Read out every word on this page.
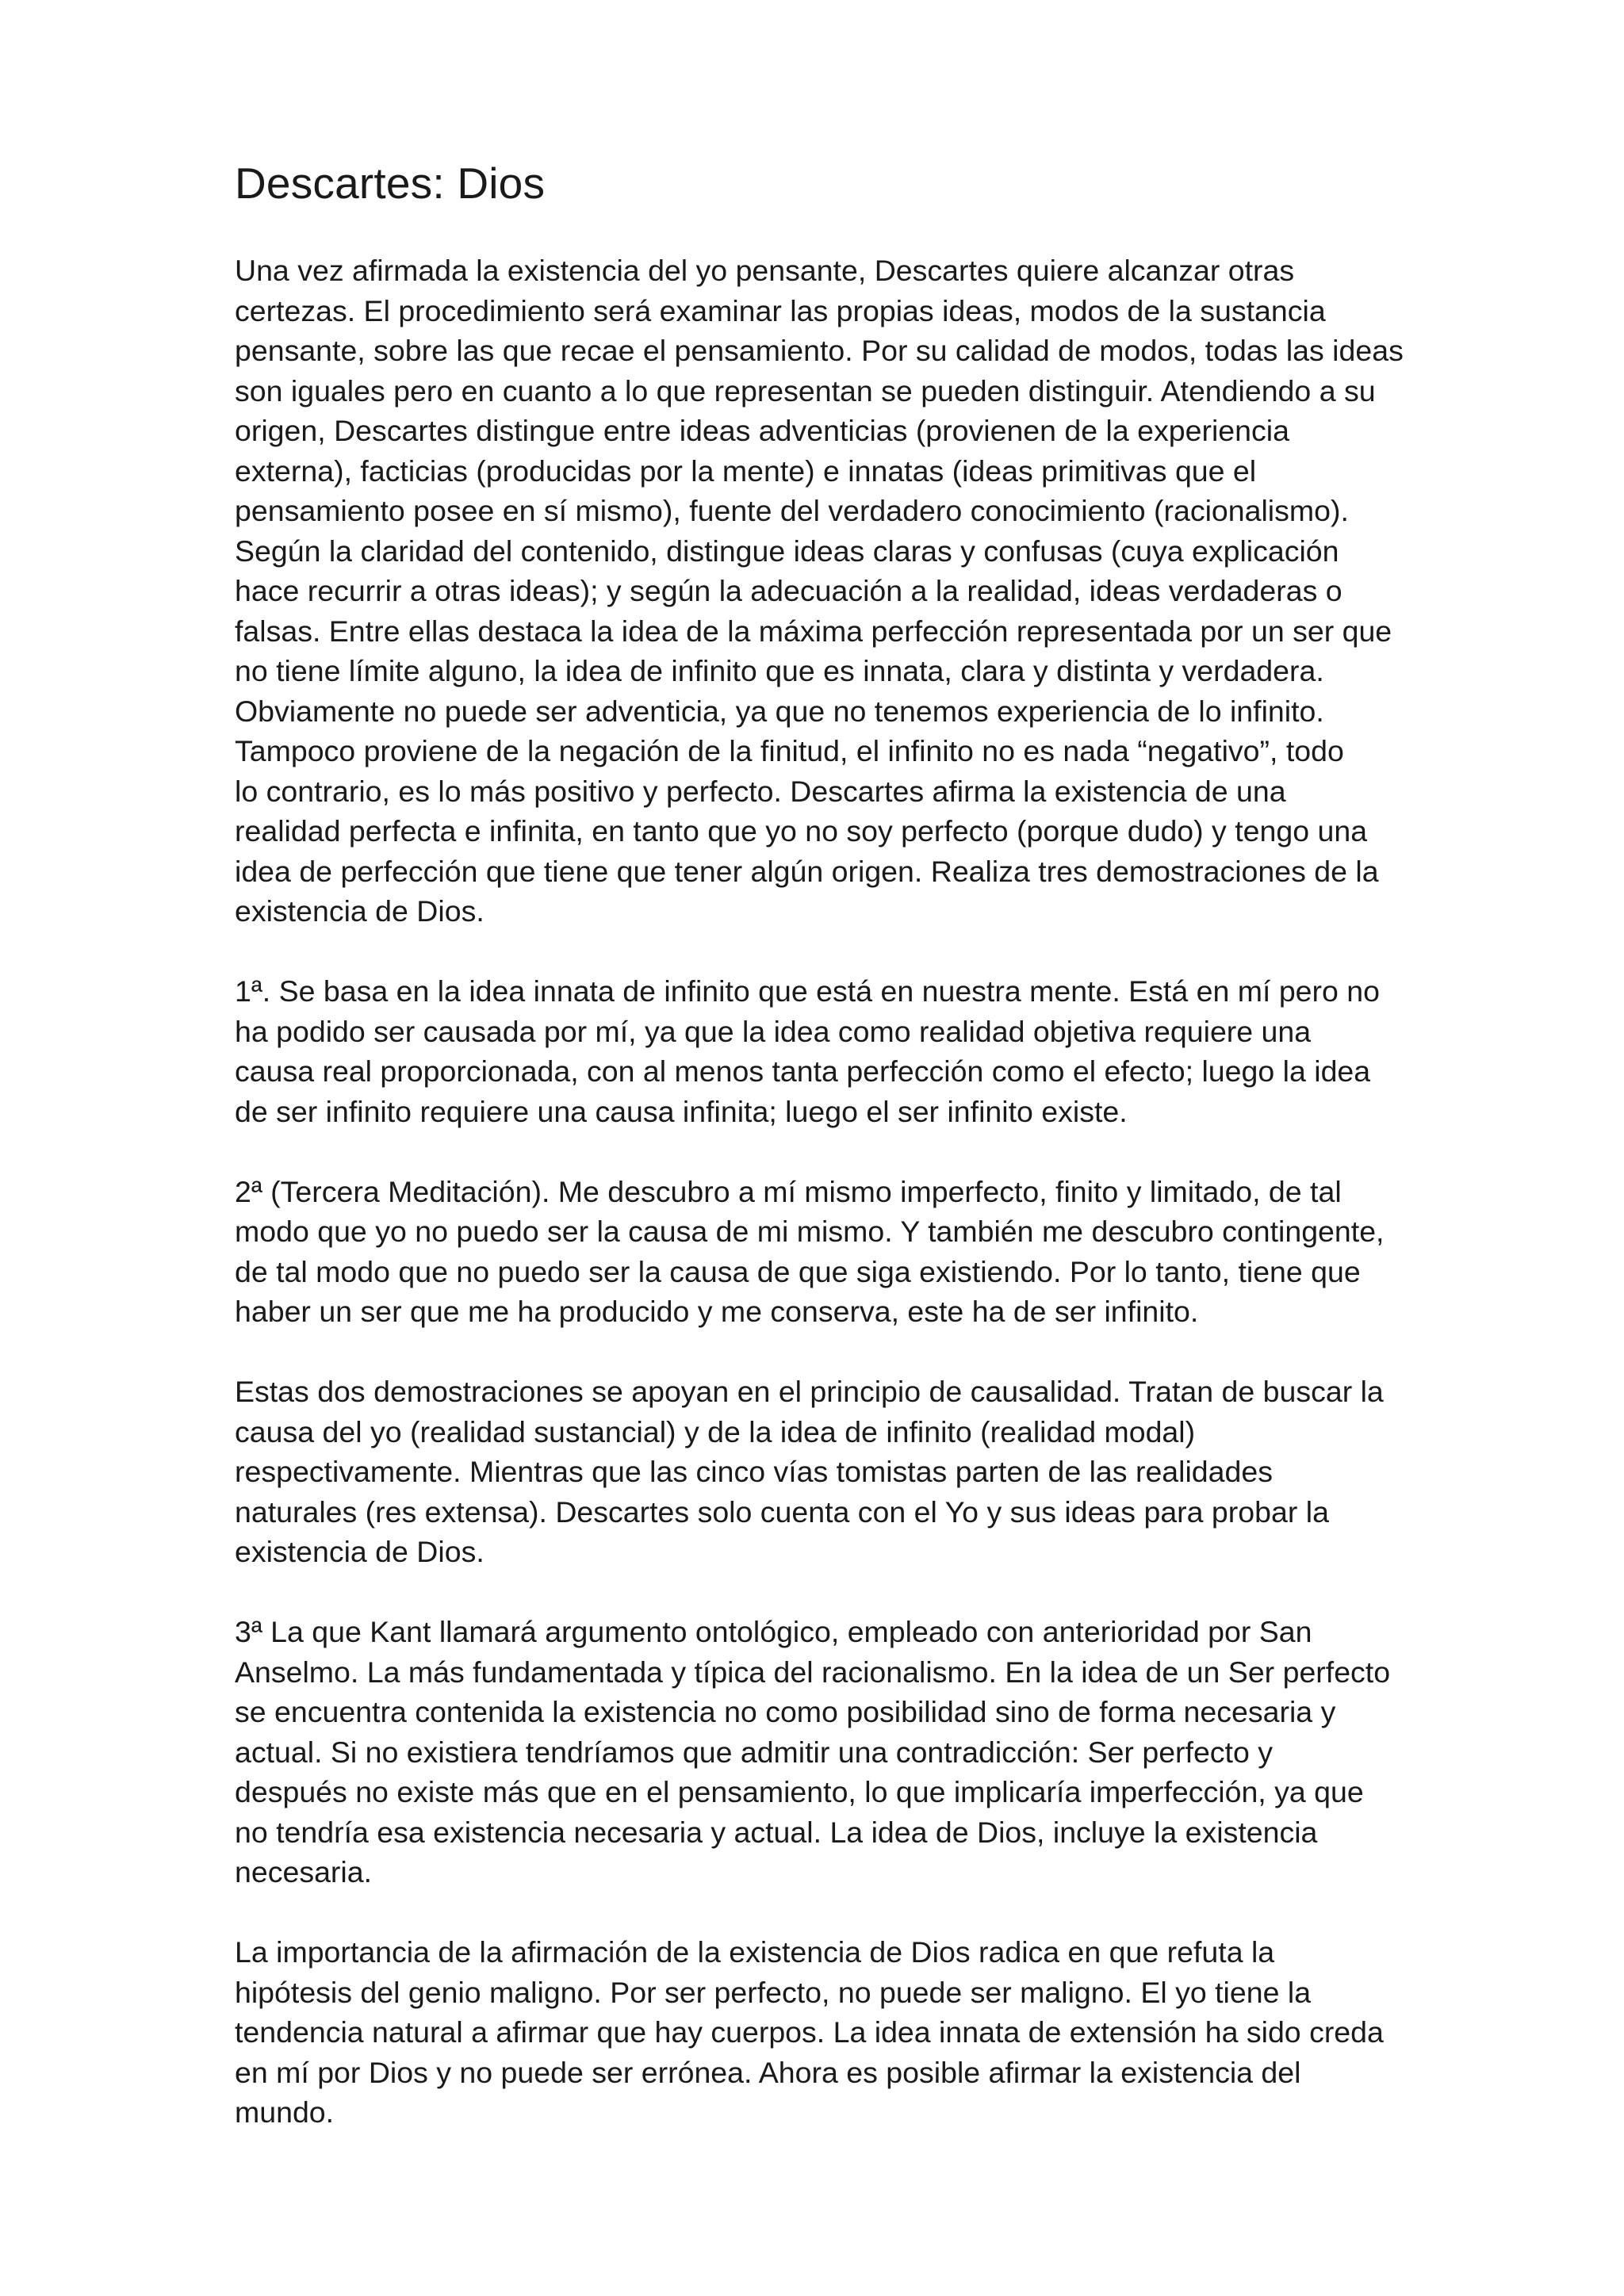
Descartes: Dios

Una vez afirmada la existencia del yo pensante, Descartes quiere alcanzar otras
certezas. El procedimiento será examinar las propias ideas, modos de la sustancia
pensante, sobre las que recae el pensamiento. Por su calidad de modos, todas las ideas
son iguales pero en cuanto a lo que representan se pueden distinguir. Atendiendo a su
origen, Descartes distingue entre ideas adventicias (provienen de la experiencia
externa), facticias (producidas por la mente) e innatas (ideas primitivas que el
pensamiento posee en sí mismo), fuente del verdadero conocimiento (racionalismo).
Según la claridad del contenido, distingue ideas claras y confusas (cuya explicación
hace recurrir a otras ideas); y según la adecuación a la realidad, ideas verdaderas o
falsas. Entre ellas destaca la idea de la máxima perfección representada por un ser que
no tiene límite alguno, la idea de infinito que es innata, clara y distinta y verdadera.
Obviamente no puede ser adventicia, ya que no tenemos experiencia de lo infinito.
Tampoco proviene de la negación de la finitud, el infinito no es nada “negativo”, todo
lo contrario, es lo más positivo y perfecto. Descartes afirma la existencia de una
realidad perfecta e infinita, en tanto que yo no soy perfecto (porque dudo) y tengo una
idea de perfección que tiene que tener algún origen. Realiza tres demostraciones de la
existencia de Dios.

1ª. Se basa en la idea innata de infinito que está en nuestra mente. Está en mí pero no
ha podido ser causada por mí, ya que la idea como realidad objetiva requiere una
causa real proporcionada, con al menos tanta perfección como el efecto; luego la idea
de ser infinito requiere una causa infinita; luego el ser infinito existe.

2ª (Tercera Meditación). Me descubro a mí mismo imperfecto, finito y limitado, de tal
modo que yo no puedo ser la causa de mi mismo. Y también me descubro contingente,
de tal modo que no puedo ser la causa de que siga existiendo. Por lo tanto, tiene que
haber un ser que me ha producido y me conserva, este ha de ser infinito.

Estas dos demostraciones se apoyan en el principio de causalidad. Tratan de buscar la
causa del yo (realidad sustancial) y de la idea de infinito (realidad modal)
respectivamente. Mientras que las cinco vías tomistas parten de las realidades
naturales (res extensa). Descartes solo cuenta con el Yo y sus ideas para probar la
existencia de Dios.

3ª La que Kant llamará argumento ontológico, empleado con anterioridad por San
Anselmo. La más fundamentada y típica del racionalismo. En la idea de un Ser perfecto
se encuentra contenida la existencia no como posibilidad sino de forma necesaria y
actual. Si no existiera tendríamos que admitir una contradicción: Ser perfecto y
después no existe más que en el pensamiento, lo que implicaría imperfección, ya que
no tendría esa existencia necesaria y actual. La idea de Dios, incluye la existencia
necesaria.

La importancia de la afirmación de la existencia de Dios radica en que refuta la
hipótesis del genio maligno. Por ser perfecto, no puede ser maligno. El yo tiene la
tendencia natural a afirmar que hay cuerpos. La idea innata de extensión ha sido creda
en mí por Dios y no puede ser errónea. Ahora es posible afirmar la existencia del
mundo.
